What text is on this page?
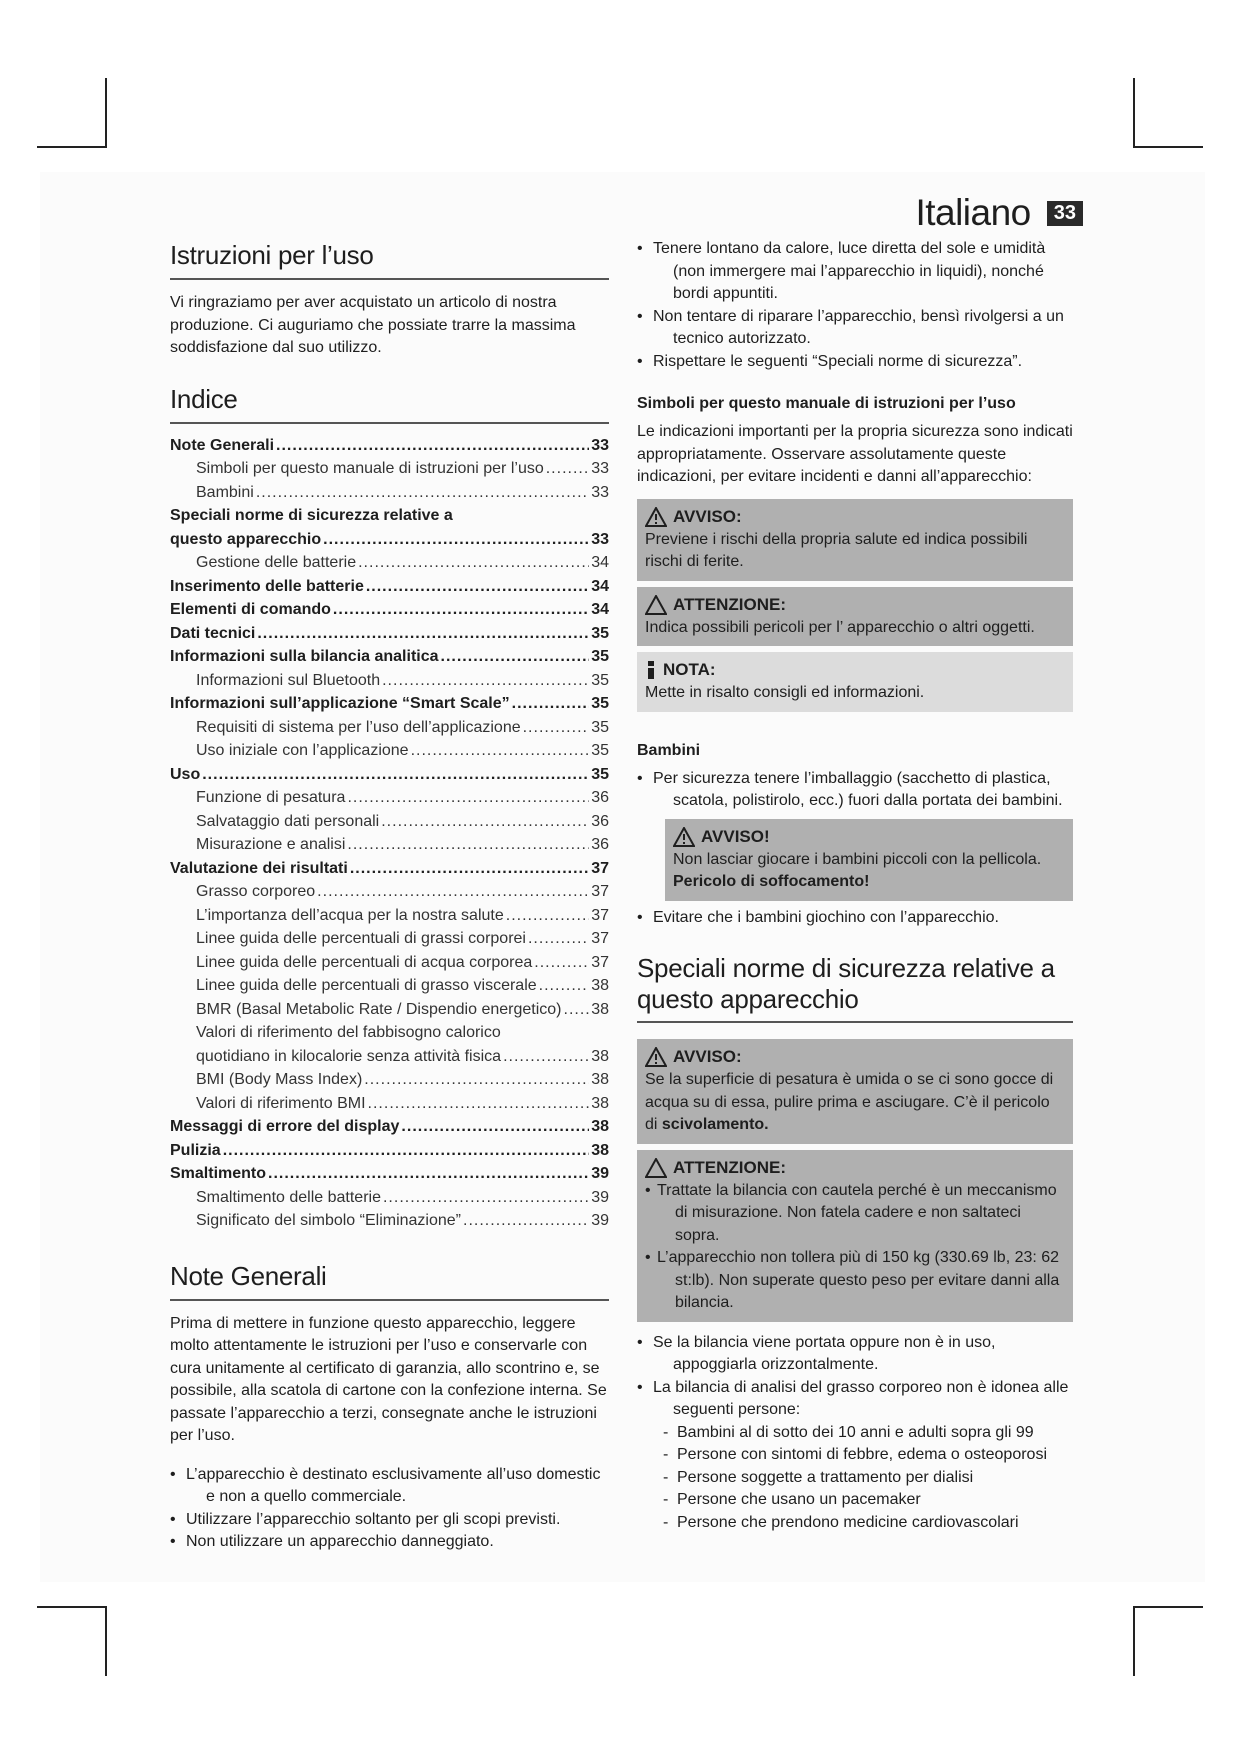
Italiano	33
Istruzioni per l’uso

Vi ringraziamo per aver acquistato un articolo di nostra produzione. Ci auguriamo che possiate trarre la massima soddisfazione dal suo utilizzo.

Indice
Note Generali .....	33
Simboli per questo manuale di istruzioni per l’uso .....	33
Bambini .....	33
Speciali norme di sicurezza relative a
questo apparecchio .....	33
Gestione delle batterie .....	34
Inserimento delle batterie .....	34
Elementi di comando .....	34
Dati tecnici .....	35
Informazioni sulla bilancia analitica .....	35
Informazioni sul Bluetooth .....	35
Informazioni sull’applicazione “Smart Scale” .....	35
Requisiti di sistema per l’uso dell’applicazione .....	35
Uso iniziale con l’applicazione .....	35
Uso .....	35
Funzione di pesatura .....	36
Salvataggio dati personali .....	36
Misurazione e analisi .....	36
Valutazione dei risultati .....	37
Grasso corporeo .....	37
L’importanza dell’acqua per la nostra salute .....	37
Linee guida delle percentuali di grassi corporei .....	37
Linee guida delle percentuali di acqua corporea .....	37
Linee guida delle percentuali di grasso viscerale .....	38
BMR (Basal Metabolic Rate / Dispendio energetico) ..... 38
Valori di riferimento del fabbisogno calorico
quotidiano in kilocalorie senza attività fisica .....	38
BMI (Body Mass Index) .....	38
Valori di riferimento BMI .....	38
Messaggi di errore del display .....	38
Pulizia .....	38
Smaltimento .....	39
Smaltimento delle batterie .....	39
Significato del simbolo “Eliminazione” .....	39
Note Generali

Prima di mettere in funzione questo apparecchio, leggere molto attentamente le istruzioni per l’uso e conservarle con cura unitamente al certificato di garanzia, allo scontrino e, se possibile, alla scatola di cartone con la confezione interna. Se passate l’apparecchio a terzi, consegnate anche le istruzioni per l’uso.

• L’apparecchio è destinato esclusivamente all’uso domestic e non a quello commerciale.
• Utilizzare l’apparecchio soltanto per gli scopi previsti.
• Non utilizzare un apparecchio danneggiato.
• Tenere lontano da calore, luce diretta del sole e umidità (non immergere mai l’apparecchio in liquidi), nonché bordi appuntiti.
• Non tentare di riparare l’apparecchio, bensì rivolgersi a un tecnico autorizzato.
• Rispettare le seguenti “Speciali norme di sicurezza”.
Simboli per questo manuale di istruzioni per l’uso

Le indicazioni importanti per la propria sicurezza sono indicati appropriatamente. Osservare assolutamente queste indicazioni, per evitare incidenti e danni all’apparecchio:

AVVISO:

Previene i rischi della propria salute ed indica possibili rischi di ferite.

ATTENZIONE:

Indica possibili pericoli per l’ apparecchio o altri oggetti.

NOTA:

Mette in risalto consigli ed informazioni.

Bambini
• Per sicurezza tenere l’imballaggio (sacchetto di plastica, scatola, polistirolo, ecc.) fuori dalla portata dei bambini.
AVVISO!

Non lasciar giocare i bambini piccoli con la pellicola.

Pericolo di soffocamento!

• Evitare che i bambini giochino con l’apparecchio.
Speciali norme di sicurezza relative a questo apparecchio
AVVISO:

Se la superficie di pesatura è umida o se ci sono gocce di acqua su di essa, pulire prima e asciugare. C’è il pericolo di scivolamento.

ATTENZIONE:
• Trattate la bilancia con cautela perché è un meccanismo di misurazione. Non fatela cadere e non saltateci sopra.
• L’apparecchio non tollera più di 150 kg (330.69 lb, 23: 62 st:lb). Non superate questo peso per evitare danni alla bilancia.
• Se la bilancia viene portata oppure non è in uso, appoggiarla orizzontalmente.
• La bilancia di analisi del grasso corporeo non è idonea alle seguenti persone:
- Bambini al di sotto dei 10 anni e adulti sopra gli 99
- Persone con sintomi di febbre, edema o osteoporosi
- Persone soggette a trattamento per dialisi
- Persone che usano un pacemaker
- Persone che prendono medicine cardiovascolari
